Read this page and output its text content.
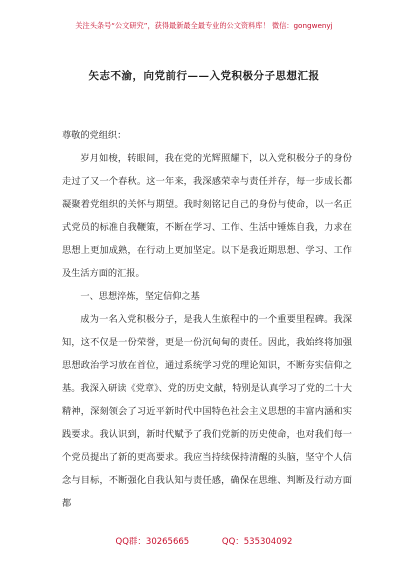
关注头条号“公文研究”，获得最新最全最专业的公文资料库！ 微信：gongwenyj
矢志不渝，向党前行——入党积极分子思想汇报

尊敬的党组织：

岁月如梭，转眼间，我在党的光辉照耀下，以入党积极分子的身份走过了又一个春秋。这一年来，我深感荣幸与责任并存，每一步成长都凝聚着党组织的关怀与期望。我时刻铭记自己的身份与使命，以一名正式党员的标准自我鞭策，不断在学习、工作、生活中锤炼自我，力求在思想上更加成熟，在行动上更加坚定。以下是我近期思想、学习、工作及生活方面的汇报。

一、思想淬炼，坚定信仰之基

成为一名入党积极分子，是我人生旅程中的一个重要里程碑。我深知，这不仅是一份荣誉，更是一份沉甸甸的责任。因此，我始终将加强思想政治学习放在首位，通过系统学习党的理论知识，不断夯实信仰之基。我深入研读《党章》、党的历史文献，特别是认真学习了党的二十大精神，深刻领会了习近平新时代中国特色社会主义思想的丰富内涵和实践要求。我认识到，新时代赋予了我们党新的历史使命，也对我们每一个党员提出了新的更高要求。我应当持续保持清醒的头脑，坚守个人信念与目标，不断强化自我认知与责任感，确保在思维、判断及行动方面都

QQ群：30265665	QQ：535304092
